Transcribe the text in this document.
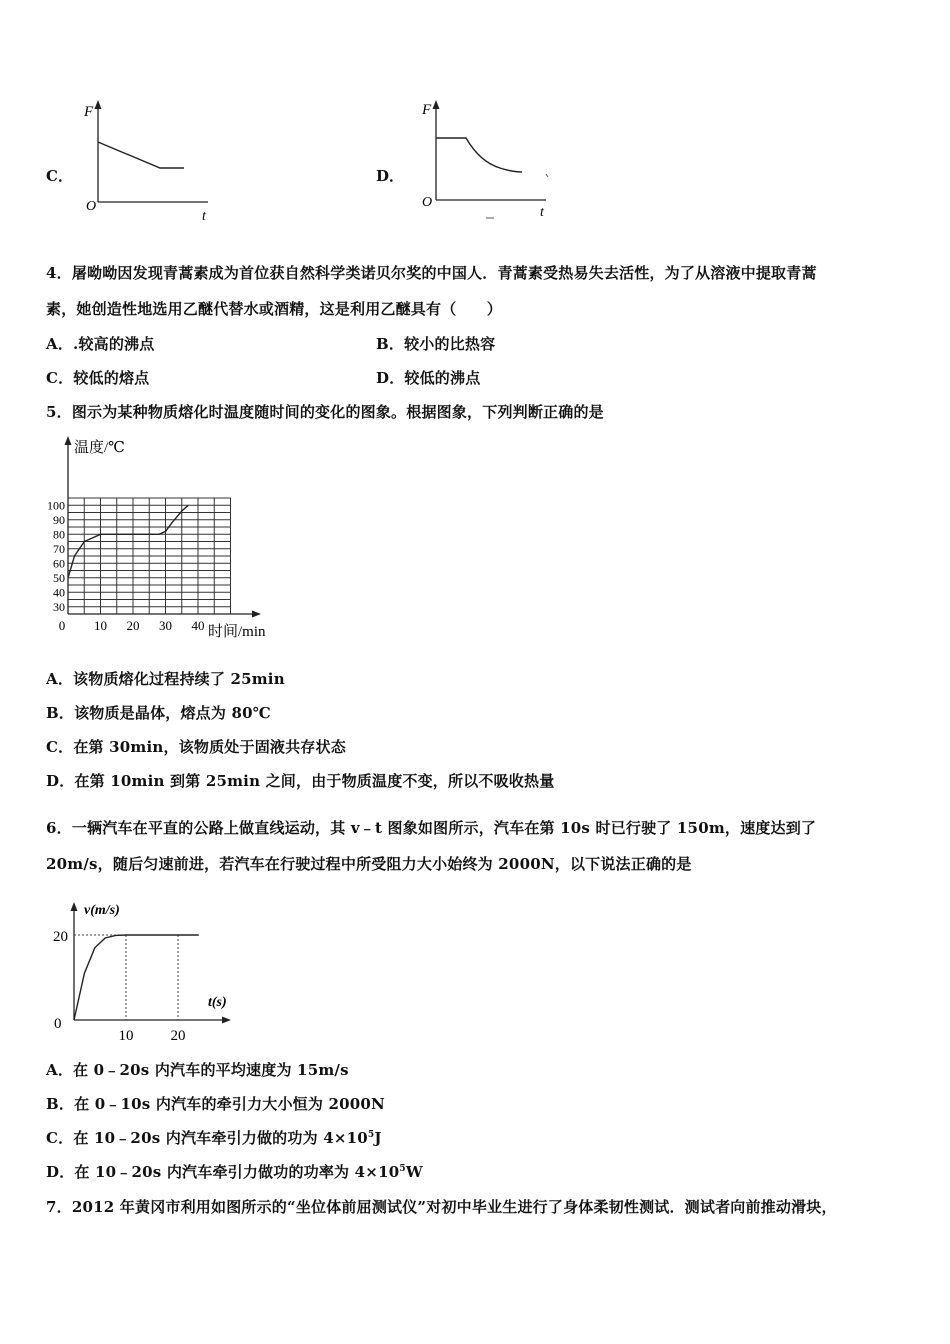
C．
F
O
t
D．
F
O
t
4．屠呦呦因发现青蒿素成为首位获自然科学类诺贝尔奖的中国人．青蒿素受热易失去活性，为了从溶液中提取青蒿
素，她创造性地选用乙醚代替水或酒精，这是利用乙醚具有（　　）
A．.较高的沸点	B．较小的比热容
C．较低的熔点	D．较低的沸点
5．图示为某种物质熔化时温度随时间的变化的图象。根据图象，下列判断正确的是
温度/℃
时间/min
100
90
80
70
60
50
40
30
0 10 20 30 40
A．该物质熔化过程持续了 25min
B．该物质是晶体，熔点为 80℃
C．在第 30min，该物质处于固液共存状态
D．在第 10min 到第 25min 之间，由于物质温度不变，所以不吸收热量
6．一辆汽车在平直的公路上做直线运动，其 v﹣t 图象如图所示，汽车在第 10s 时已行驶了 150m，速度达到了
20m/s，随后匀速前进，若汽车在行驶过程中所受阻力大小始终为 2000N，以下说法正确的是
v(m/s)
t(s)
0
20
10 20
A．在 0﹣20s 内汽车的平均速度为 15m/s
B．在 0﹣10s 内汽车的牵引力大小恒为 2000N
C．在 10﹣20s 内汽车牵引力做的功为 $4\times 10^5J$
D．在 10﹣20s 内汽车牵引力做功的功率为 $4\times 10^5W$
7．2012 年黄冈市利用如图所示的“坐位体前屈测试仪”对初中毕业生进行了身体柔韧性测试．测试者向前推动滑块，
